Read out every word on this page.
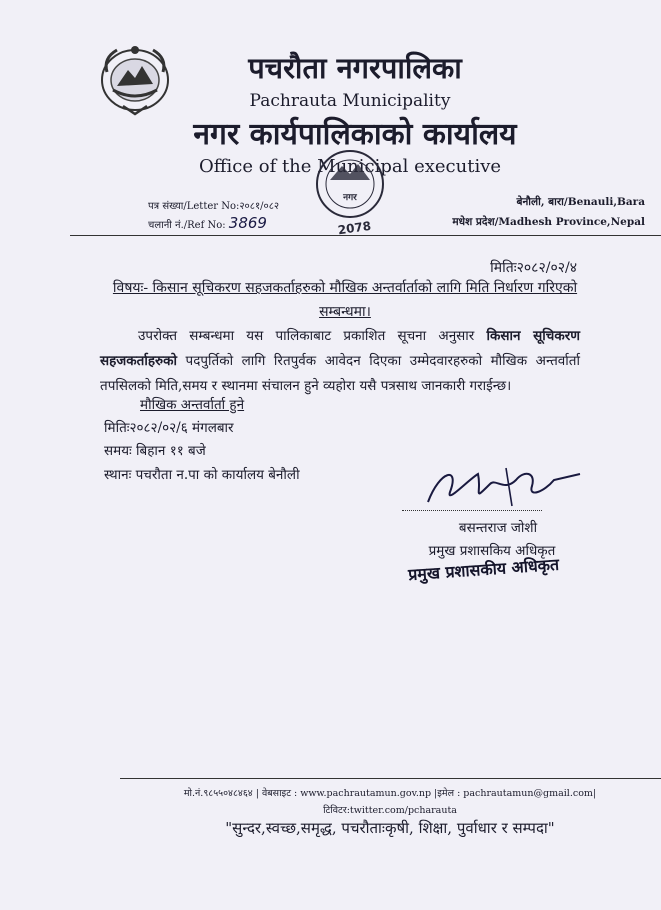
पचरौता नगरपालिका
Pachrauta Municipality
नगर कार्यपालिकाको कार्यालय
Office of the Municipal executive
नगर
2078
पत्र संख्या/Letter No:२०८१/०८२
चलानी नं./Ref No: 3869
बेनौली, बारा/Benauli,Bara
मधेश प्रदेश/Madhesh Province,Nepal
मितिः२०८२/०२/४
विषयः- किसान सूचिकरण सहजकर्ताहरुको मौखिक अन्तर्वार्ताको लागि मिति निर्धारण गरिएको
सम्बन्धमा।
उपरोक्त सम्बन्धमा यस पालिकाबाट प्रकाशित सूचना अनुसार किसान सूचिकरण सहजकर्ताहरुको पदपुर्तिको लागि रितपुर्वक आवेदन दिएका उम्मेदवारहरुको मौखिक अन्तर्वार्ता तपसिलको मिति,समय र स्थानमा संचालन हुने व्यहोरा यसै पत्रसाथ जानकारी गराईन्छ।
मौखिक अन्तर्वार्ता हुने
मितिः२०८२/०२/६ मंगलबार
समयः बिहान ११ बजे
स्थानः पचरौता न.पा को कार्यालय बेनौली
बसन्तराज जोशी
प्रमुख प्रशासकिय अधिकृत
प्रमुख प्रशासकीय अधिकृत
मो.नं.९८५५०४८४६४ | वेबसाइट : www.pachrautamun.gov.np |इमेल : pachrautamun@gmail.com|
टिविटर:twitter.com/pcharauta
"सुन्दर,स्वच्छ,समृद्ध, पचरौताःकृषी, शिक्षा, पुर्वाधार र सम्पदा"
